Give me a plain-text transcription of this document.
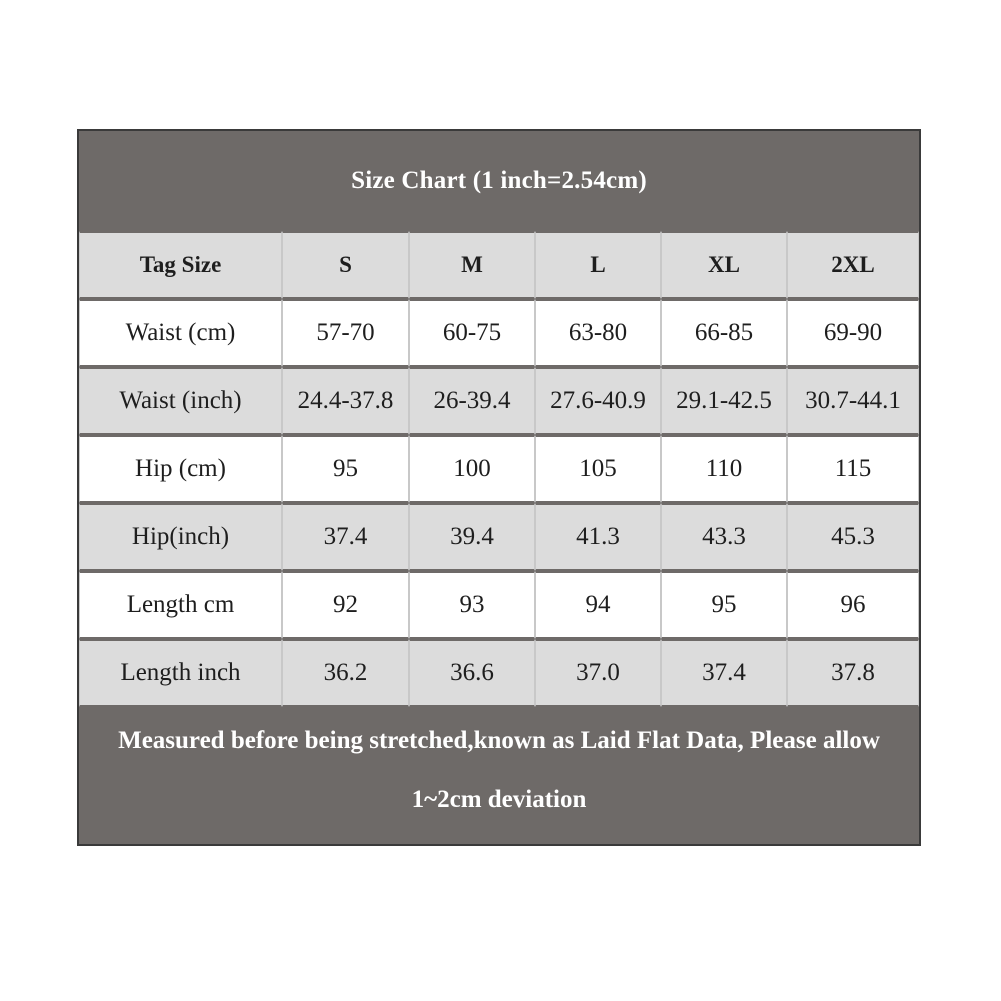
Size Chart (1 inch=2.54cm)
Tag Size	S	M	L	XL	2XL
Waist (cm)	57-70	60-75	63-80	66-85	69-90
Waist (inch)	24.4-37.8	26-39.4	27.6-40.9	29.1-42.5	30.7-44.1
Hip (cm)	95	100	105	110	115
Hip(inch)	37.4	39.4	41.3	43.3	45.3
Length cm	92	93	94	95	96
Length inch	36.2	36.6	37.0	37.4	37.8
Measured before being stretched,known as Laid Flat Data, Please allow
1~2cm deviation
